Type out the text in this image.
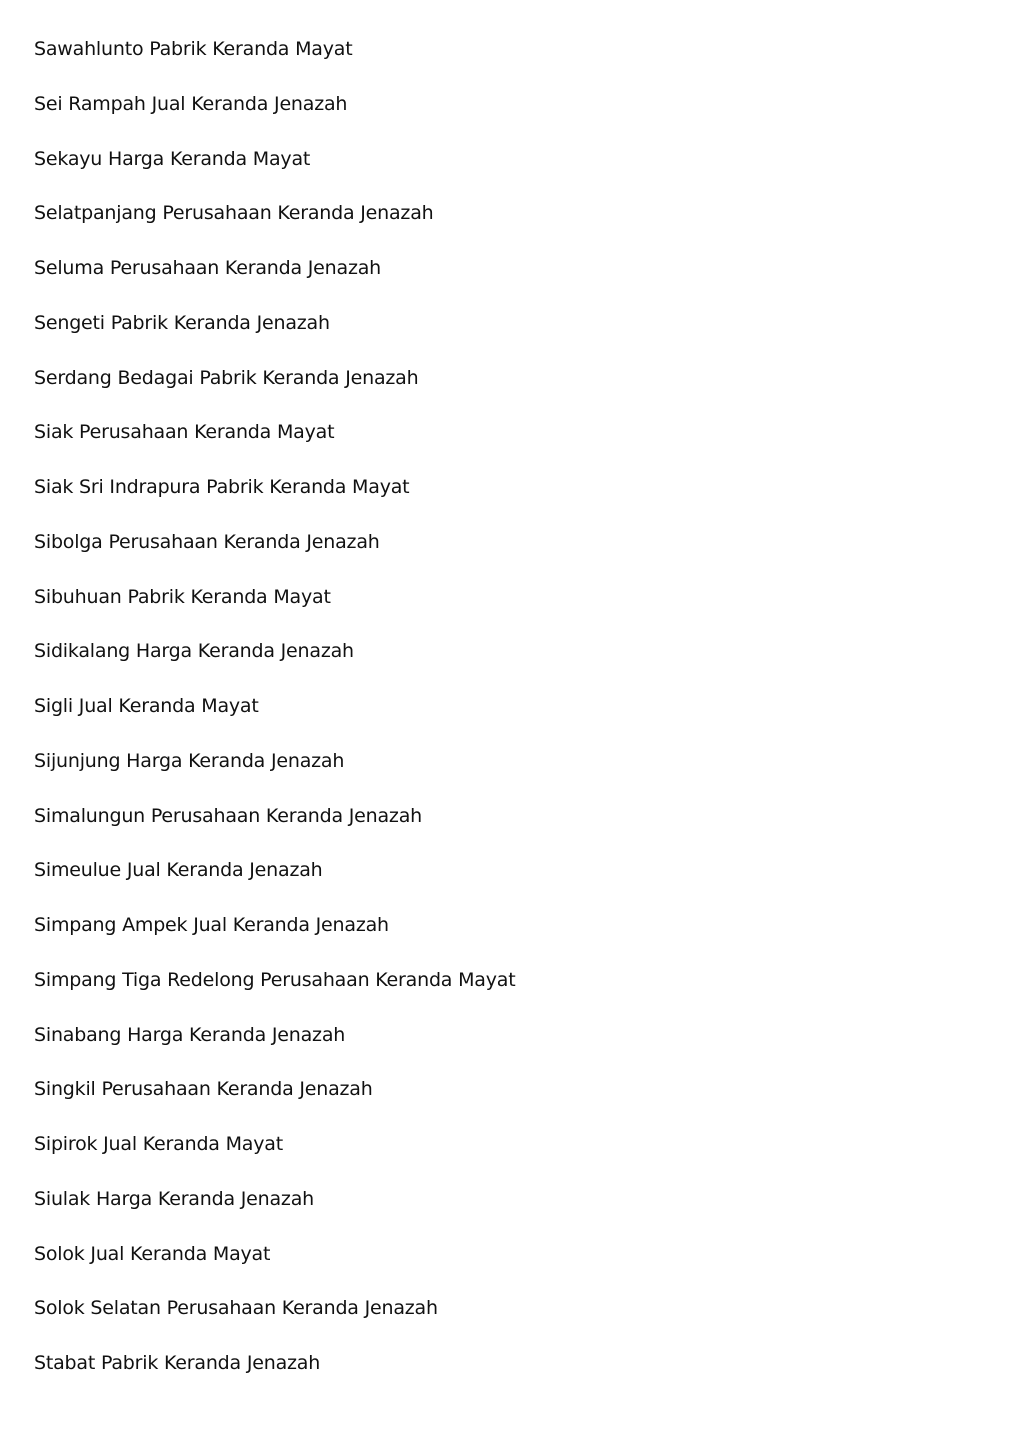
Sawahlunto Pabrik Keranda Mayat
Sei Rampah Jual Keranda Jenazah
Sekayu Harga Keranda Mayat
Selatpanjang Perusahaan Keranda Jenazah
Seluma Perusahaan Keranda Jenazah
Sengeti Pabrik Keranda Jenazah
Serdang Bedagai Pabrik Keranda Jenazah
Siak Perusahaan Keranda Mayat
Siak Sri Indrapura Pabrik Keranda Mayat
Sibolga Perusahaan Keranda Jenazah
Sibuhuan Pabrik Keranda Mayat
Sidikalang Harga Keranda Jenazah
Sigli Jual Keranda Mayat
Sijunjung Harga Keranda Jenazah
Simalungun Perusahaan Keranda Jenazah
Simeulue Jual Keranda Jenazah
Simpang Ampek Jual Keranda Jenazah
Simpang Tiga Redelong Perusahaan Keranda Mayat
Sinabang Harga Keranda Jenazah
Singkil Perusahaan Keranda Jenazah
Sipirok Jual Keranda Mayat
Siulak Harga Keranda Jenazah
Solok Jual Keranda Mayat
Solok Selatan Perusahaan Keranda Jenazah
Stabat Pabrik Keranda Jenazah
